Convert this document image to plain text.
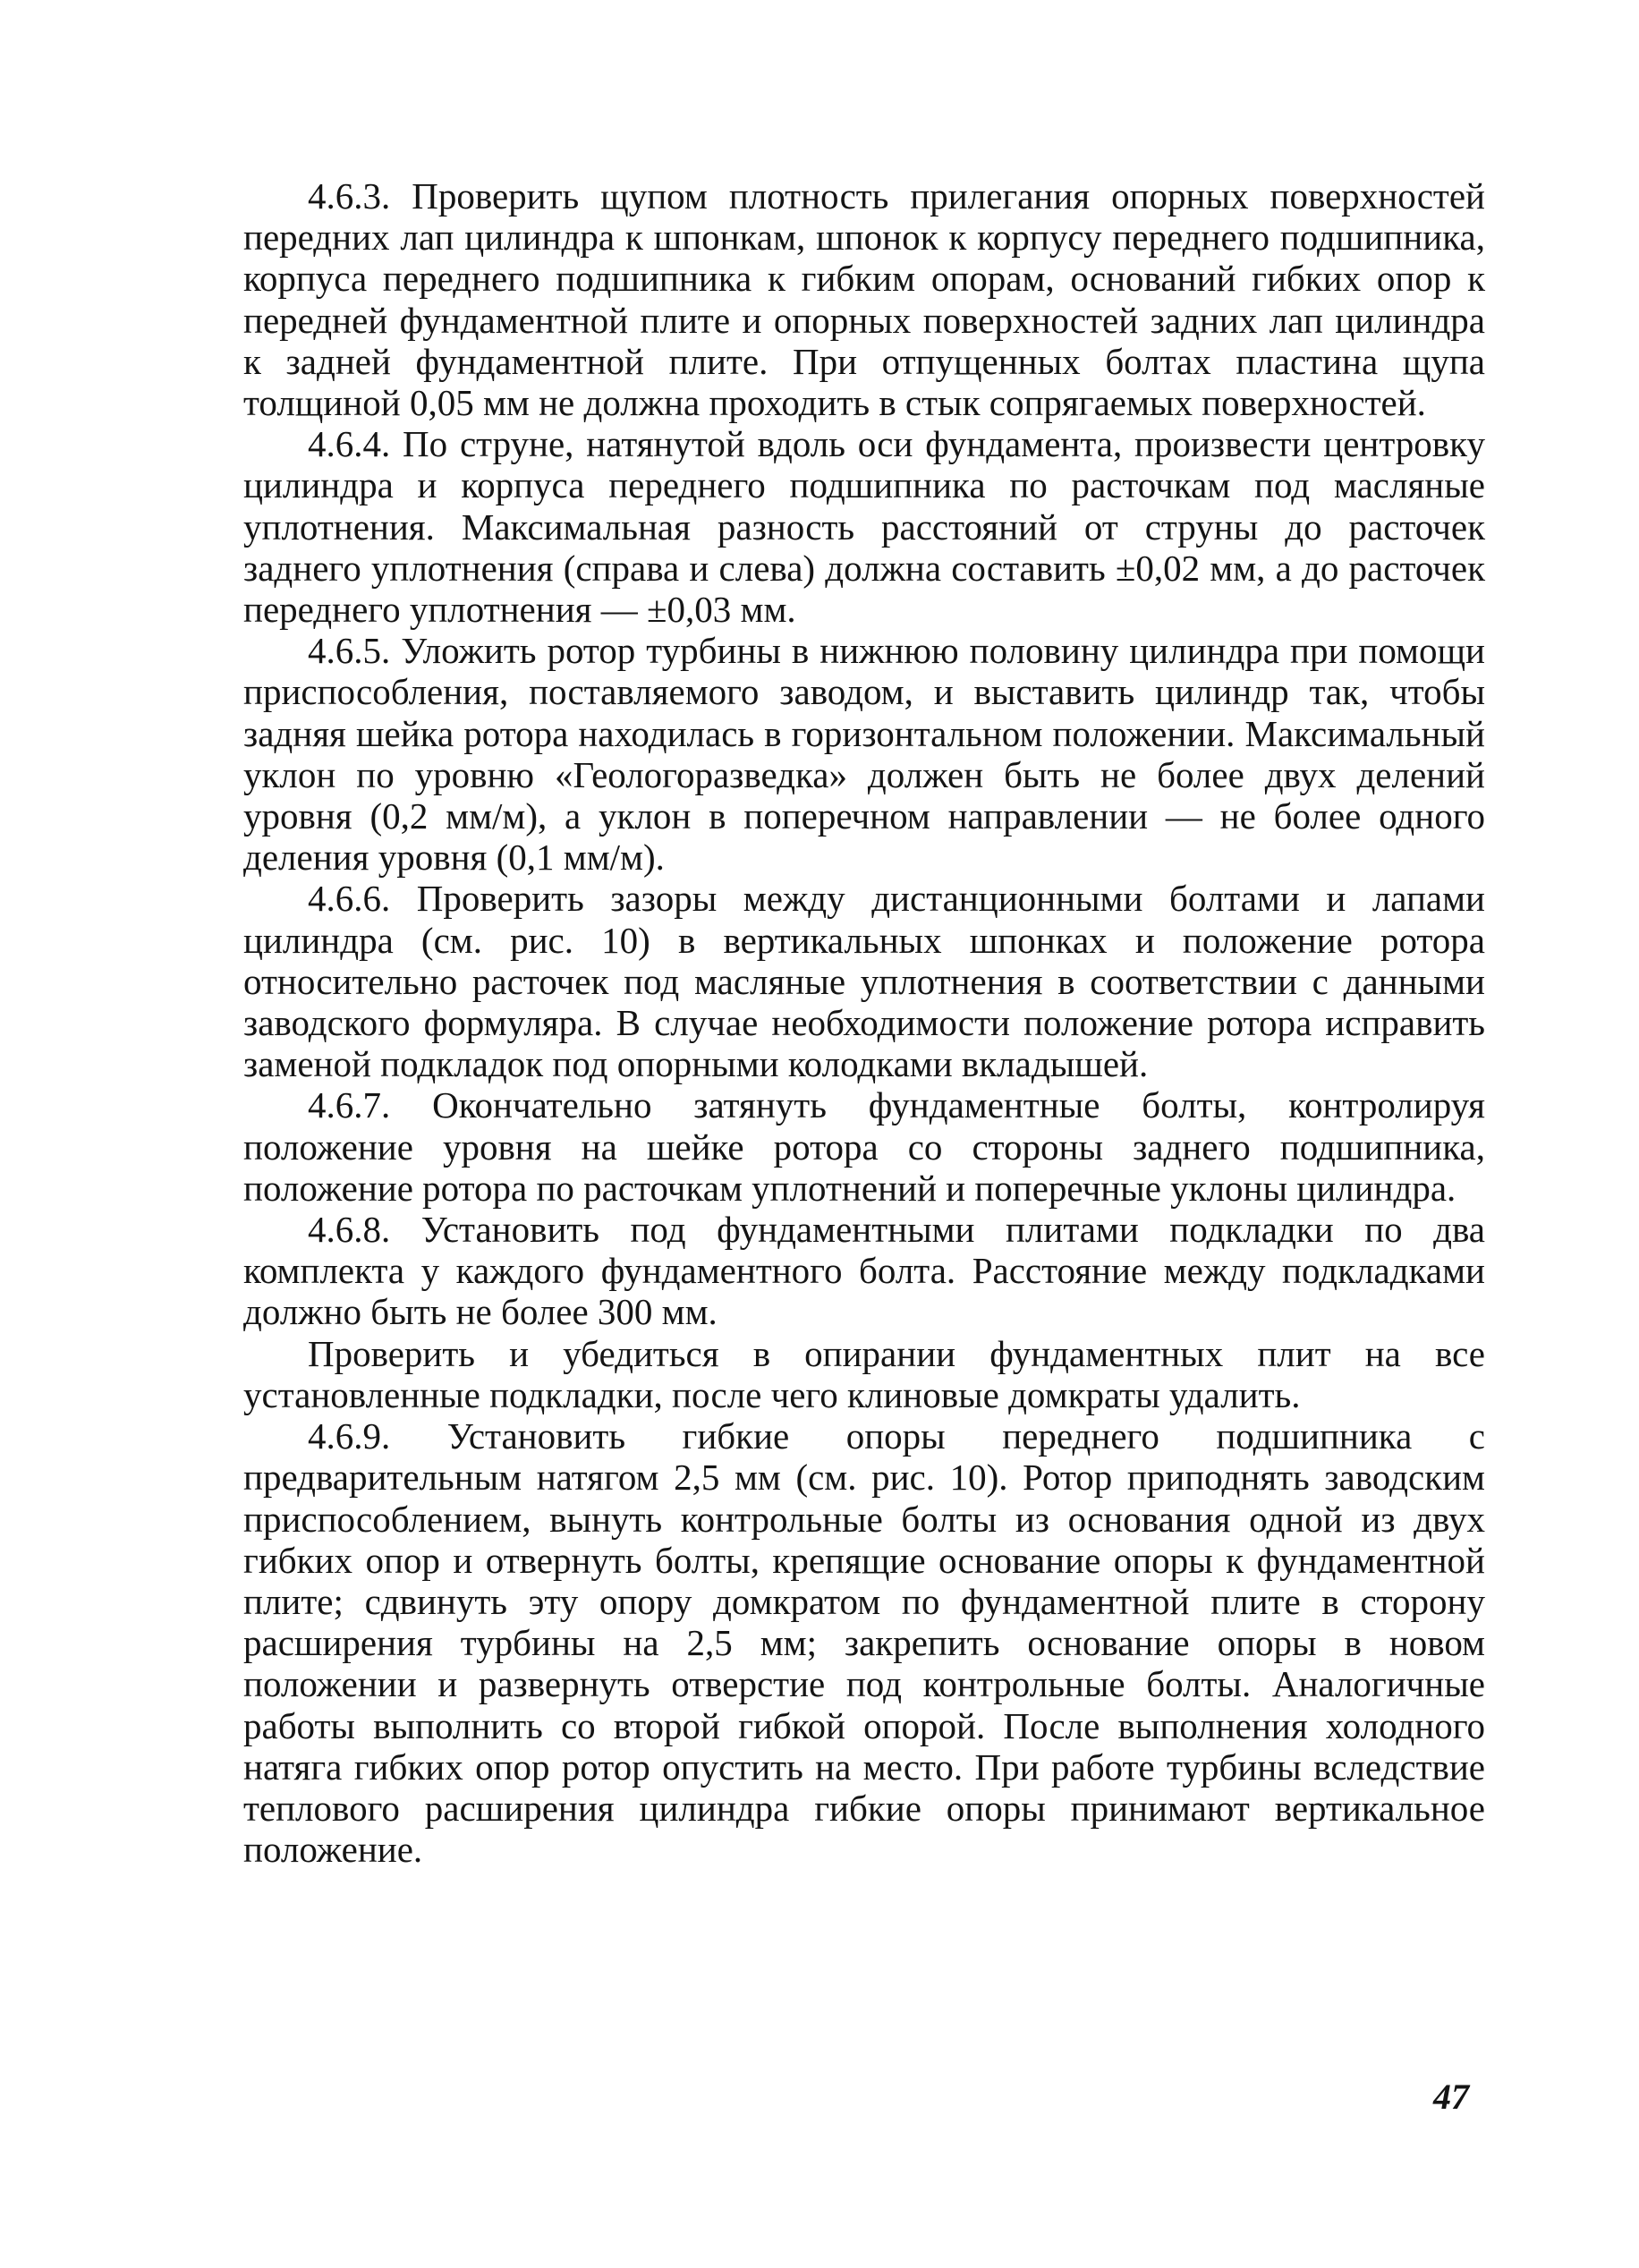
4.6.3. Проверить щупом плотность прилегания опорных поверхностей передних лап цилиндра к шпонкам, шпонок к корпусу переднего подшипника, корпуса переднего подшипника к гибким опорам, оснований гибких опор к передней фундаментной плите и опорных поверхностей задних лап цилиндра к задней фундаментной плите. При отпущенных болтах пластина щупа толщиной 0,05 мм не должна проходить в стык сопрягаемых поверхностей.

4.6.4. По струне, натянутой вдоль оси фундамента, произвести центровку цилиндра и корпуса переднего подшипника по расточкам под масляные уплотнения. Максимальная разность расстояний от струны до расточек заднего уплотнения (справа и слева) должна составить ±0,02 мм, а до расточек переднего уплотнения — ±0,03 мм.

4.6.5. Уложить ротор турбины в нижнюю половину цилиндра при помощи приспособления, поставляемого заводом, и выставить цилиндр так, чтобы задняя шейка ротора находилась в горизонтальном положении. Максимальный уклон по уровню «Геологоразведка» должен быть не более двух делений уровня (0,2 мм/м), а уклон в поперечном направлении — не более одного деления уровня (0,1 мм/м).

4.6.6. Проверить зазоры между дистанционными болтами и лапами цилиндра (см. рис. 10) в вертикальных шпонках и положение ротора относительно расточек под масляные уплотнения в соответствии с данными заводского формуляра. В случае необходимости положение ротора исправить заменой подкладок под опорными колодками вкладышей.

4.6.7. Окончательно затянуть фундаментные болты, контролируя положение уровня на шейке ротора со стороны заднего подшипника, положение ротора по расточкам уплотнений и поперечные уклоны цилиндра.

4.6.8. Установить под фундаментными плитами подкладки по два комплекта у каждого фундаментного болта. Расстояние между подкладками должно быть не более 300 мм.

Проверить и убедиться в опирании фундаментных плит на все установленные подкладки, после чего клиновые домкраты удалить.

4.6.9. Установить гибкие опоры переднего подшипника с предварительным натягом 2,5 мм (см. рис. 10). Ротор приподнять заводским приспособлением, вынуть контрольные болты из основания одной из двух гибких опор и отвернуть болты, крепящие основание опоры к фундаментной плите; сдвинуть эту опору домкратом по фундаментной плите в сторону расширения турбины на 2,5 мм; закрепить основание опоры в новом положении и развернуть отверстие под контрольные болты. Аналогичные работы выполнить со второй гибкой опорой. После выполнения холодного натяга гибких опор ротор опустить на место. При работе турбины вследствие теплового расширения цилиндра гибкие опоры принимают вертикальное положение.

47
